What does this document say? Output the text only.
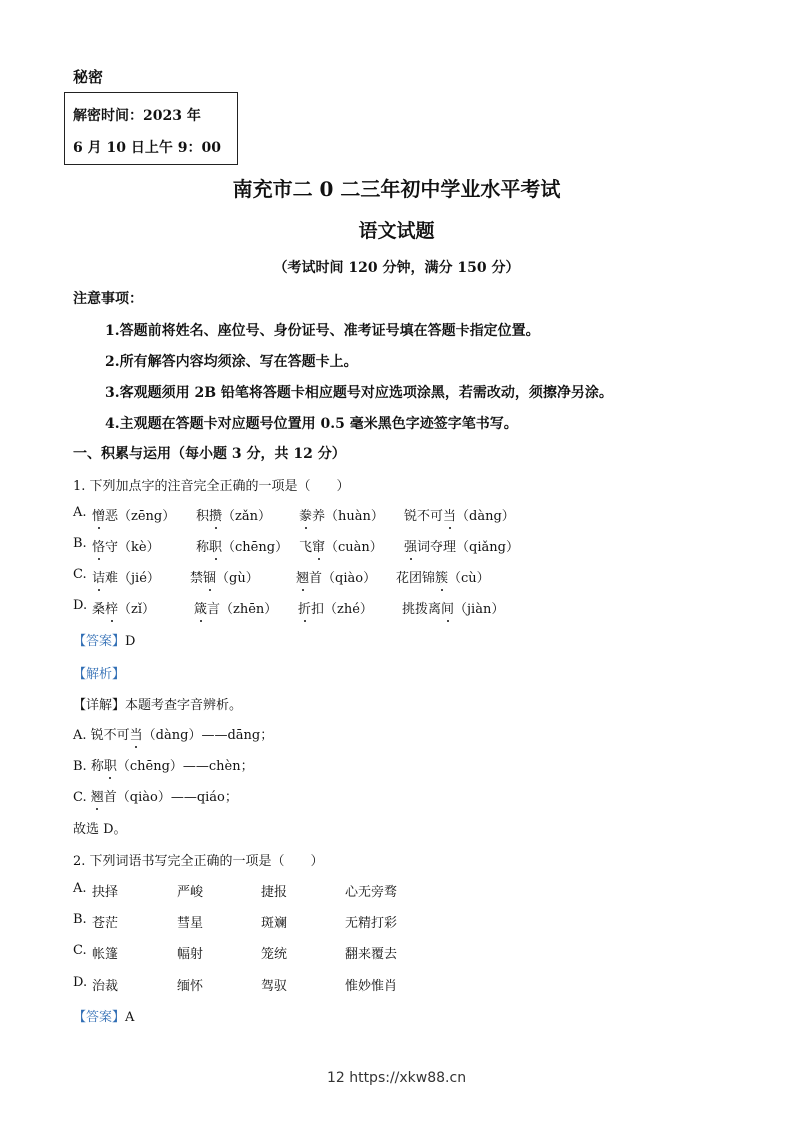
秘密
解密时间：2023 年
6 月 10 日上午 9：00
南充市二 0 二三年初中学业水平考试
语文试题
（考试时间 120 分钟，满分 150 分）
注意事项：
1.答题前将姓名、座位号、身份证号、准考证号填在答题卡指定位置。
2.所有解答内容均须涂、写在答题卡上。
3.客观题须用 2B 铅笔将答题卡相应题号对应选项涂黑，若需改动，须擦净另涂。
4.主观题在答题卡对应题号位置用 0.5 毫米黑色字迹签字笔书写。
一、积累与运用（每小题 3 分，共 12 分）
1. 下列加点字的注音完全正确的一项是（　　）
A. 憎恶（zēng） 积攒（zǎn） 豢养（huàn） 锐不可当（dàng）
B. 恪守（kè）	称职（chēng） 飞窜（cuàn） 强词夺理（qiǎng）
C. 诘难（jié） 禁锢（gù）	翘首（qiào） 花团锦簇（cù）
D. 桑梓（zǐ）	箴言（zhēn） 折扣（zhé） 挑拨离间（jiàn）
【答案】D
【解析】
【详解】本题考查字音辨析。
A. 锐不可当（dàng）——dāng；
B. 称职（chēng）——chèn；
C. 翘首（qiào）——qiáo；
故选 D。
2. 下列词语书写完全正确的一项是（　　）
A. 抉择	严峻	捷报	心无旁骛
B. 苍茫	彗星	斑斓	无精打彩
C. 帐篷	幅射	笼统	翻来覆去
D. 治裁	缅怀	驾驭	惟妙惟肖
【答案】A
12 https://xkw88.cn
